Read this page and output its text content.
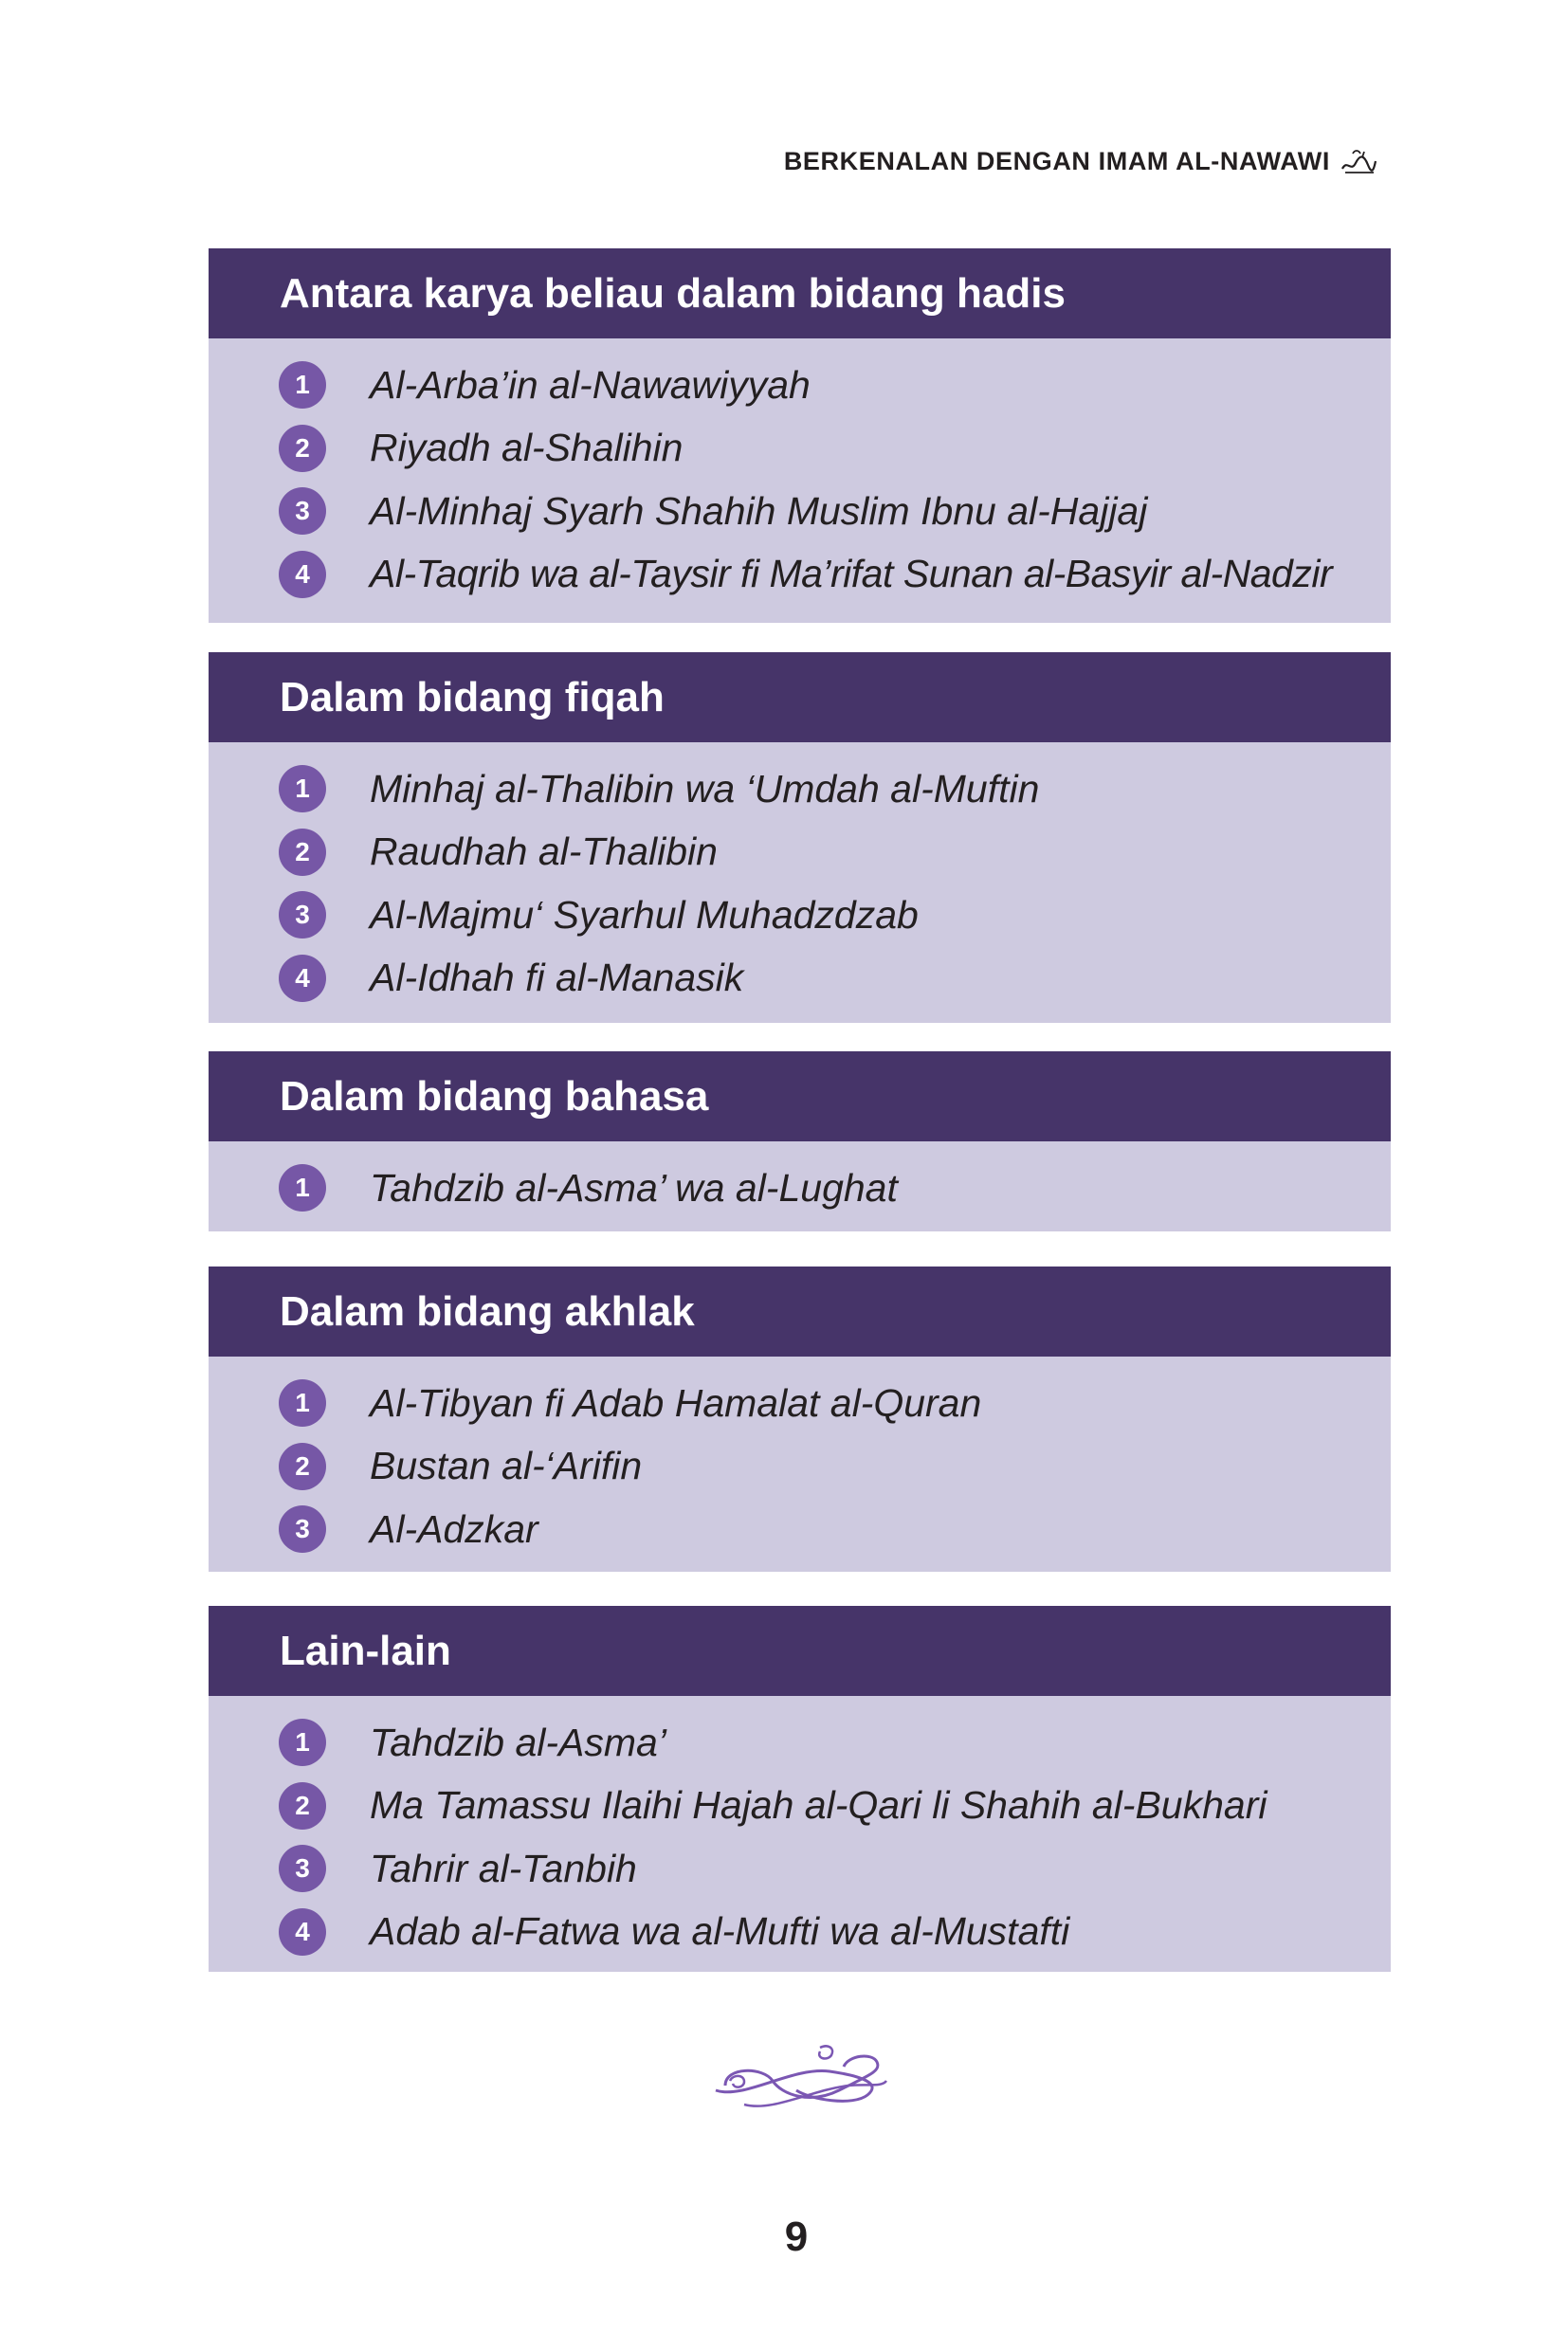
BERKENALAN DENGAN IMAM AL-NAWAWI
Antara karya beliau dalam bidang hadis
1	Al-Arba’in al-Nawawiyyah
2	Riyadh al-Shalihin
3	Al-Minhaj Syarh Shahih Muslim Ibnu al-Hajjaj
4	Al-Taqrib wa al-Taysir fi Ma’rifat Sunan al-Basyir al-Nadzir
Dalam bidang fiqah
1	Minhaj al-Thalibin wa ‘Umdah al-Muftin
2	Raudhah al-Thalibin
3	Al-Majmu‘ Syarhul Muhadzdzab
4	Al-Idhah fi al-Manasik
Dalam bidang bahasa
1	Tahdzib al-Asma’ wa al-Lughat
Dalam bidang akhlak
1	Al-Tibyan fi Adab Hamalat al-Quran
2	Bustan al-‘Arifin
3	Al-Adzkar
Lain-lain
1	Tahdzib al-Asma’
2	Ma Tamassu Ilaihi Hajah al-Qari li Shahih al-Bukhari
3	Tahrir al-Tanbih
4	Adab al-Fatwa wa al-Mufti wa al-Mustafti
9
